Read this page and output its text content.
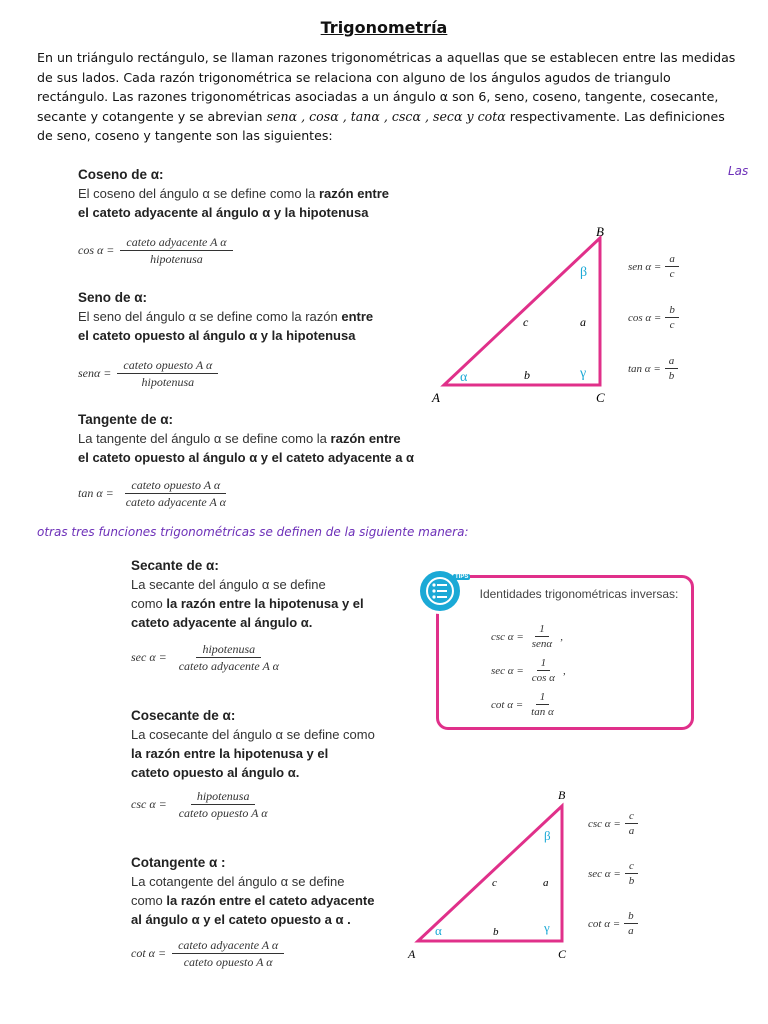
Trigonometría
En un triángulo rectángulo, se llaman razones trigonométricas a aquellas que se establecen entre las medidas de sus lados. Cada razón trigonométrica se relaciona con alguno de los ángulos agudos de triangulo rectángulo. Las razones trigonométricas asociadas a un ángulo α son 6, seno, coseno, tangente, cosecante, secante y cotangente y se abrevian senα , cosα , tanα , cscα , secα y cotα respectivamente. Las definiciones de seno, coseno y tangente son las siguientes:
Las
Coseno de α:
El coseno del ángulo α se define como la razón entre
el cateto adyacente al ángulo α y la hipotenusa
$\cos \alpha = \frac{\text{cateto adyacente A α}}{\text{hipotenusa}}$
Seno de α:
El seno del ángulo α se define como la razón entre
el cateto opuesto al ángulo α y la hipotenusa
$sen\alpha = \frac{\text{cateto opuesto A α}}{\text{hipotenusa}}$
Tangente de α:
La tangente del ángulo α se define como la razón entre
el cateto opuesto al ángulo α y el cateto adyacente a α
$\tan \alpha = \frac{\text{cateto opuesto A α}}{\text{cateto adyacente A α}}$
B
A	C
c	a
b
α
β
γ
sen $\alpha = \frac{a}{c}$
$\cos \alpha = \frac{b}{c}$
$\tan \alpha = \frac{a}{b}$
otras tres funciones trigonométricas se definen de la siguiente manera:
Secante de α:
La secante del ángulo α se define
como la razón entre la hipotenusa y el
cateto adyacente al ángulo α.
$\sec \alpha = \frac{\text{hipotenusa}}{\text{cateto adyacente A α}}$
Cosecante de α:
La cosecante del ángulo α se define como
la razón entre la hipotenusa y el
cateto opuesto al ángulo α.
$\csc \alpha = \frac{\text{hipotenusa}}{\text{cateto opuesto A α}}$
Cotangente α :
La cotangente del ángulo α se define
como la razón entre el cateto adyacente
al ángulo α y el cateto opuesto a α .
$\cot \alpha = \frac{\text{cateto adyacente A α}}{\text{cateto opuesto A α}}$
TIPS
Identidades trigonométricas inversas:
$\csc \alpha = \frac{1}{\text{senα}}$ ,
$\sec \alpha = \frac{1}{\text{cos α}}$ ,
$\cot \alpha = \frac{1}{\text{tan α}}$
B
A	C
c	a
b
α
β
γ
$\csc \alpha = \frac{c}{a}$
$\sec \alpha = \frac{c}{b}$
$\cot \alpha = \frac{b}{a}$
